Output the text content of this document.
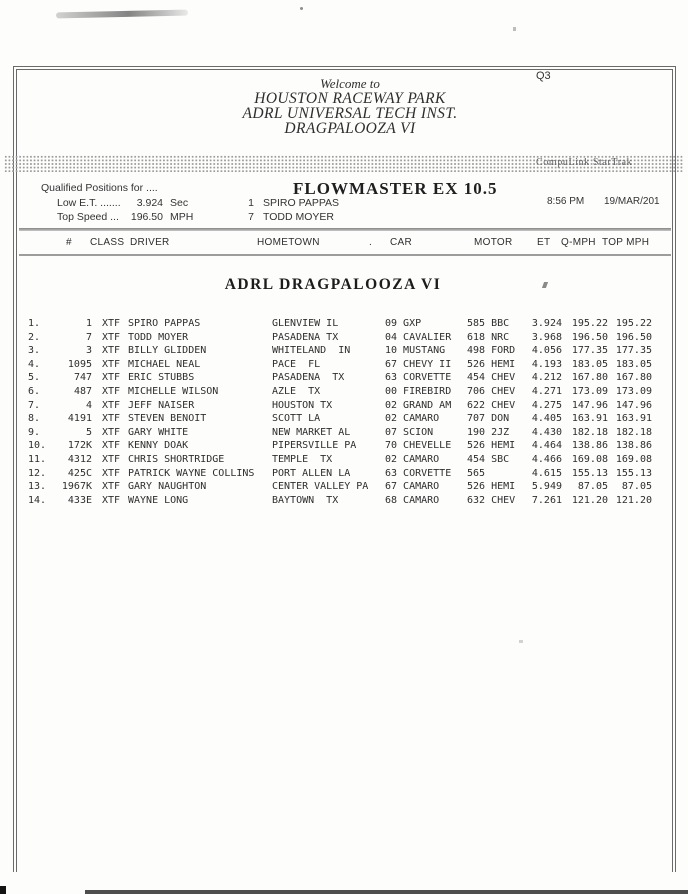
Q3
Welcome to
HOUSTON RACEWAY PARK
ADRL UNIVERSAL TECH INST.
DRAGPALOOZA VI
CompuLink StarTrak
Qualified Positions for ....
Low E.T. .......	3.924 Sec	1 SPIRO PAPPAS
Top Speed ...	196.50 MPH	7 TODD MOYER
FLOWMASTER EX 10.5
8:56 PM 19/MAR/201
# CLASS DRIVER	HOMETOWN	. CAR	MOTOR ET Q-MPH TOP MPH
ADRL DRAGPALOOZA VI
1.	1	XTF SPIRO PAPPAS	GLENVIEW IL	09 GXP	585 BBC	3.924 195.22 195.22
2.	7	XTF TODD MOYER	PASADENA TX	04 CAVALIER	618 NRC	3.968 196.50 196.50
3.	3	XTF BILLY GLIDDEN	WHITELAND  IN	10 MUSTANG	498 FORD	4.056 177.35 177.35
4.	1095	XTF MICHAEL NEAL	PACE  FL	67 CHEVY II	526 HEMI	4.193 183.05 183.05
5.	747	XTF ERIC STUBBS	PASADENA  TX	63 CORVETTE	454 CHEV	4.212 167.80 167.80
6.	487	XTF MICHELLE WILSON	AZLE  TX	00 FIREBIRD	706 CHEV	4.271 173.09 173.09
7.	4	XTF JEFF NAISER	HOUSTON TX	02 GRAND AM	622 CHEV	4.275 147.96 147.96
8.	4191	XTF STEVEN BENOIT	SCOTT LA	02 CAMARO	707 DON	4.405 163.91 163.91
9.	5	XTF GARY WHITE	NEW MARKET AL	07 SCION	190 2JZ	4.430 182.18 182.18
10.	172K	XTF KENNY DOAK	PIPERSVILLE PA	70 CHEVELLE	526 HEMI	4.464 138.86 138.86
11.	4312	XTF CHRIS SHORTRIDGE	TEMPLE  TX	02 CAMARO	454 SBC	4.466 169.08 169.08
12.	425C	XTF PATRICK WAYNE COLLINS	PORT ALLEN LA	63 CORVETTE	565	4.615 155.13 155.13
13.	1967K	XTF GARY NAUGHTON	CENTER VALLEY PA	67 CAMARO	526 HEMI	5.949	87.05	87.05
14.	433E	XTF WAYNE LONG	BAYTOWN  TX	68 CAMARO	632 CHEV	7.261 121.20 121.20
